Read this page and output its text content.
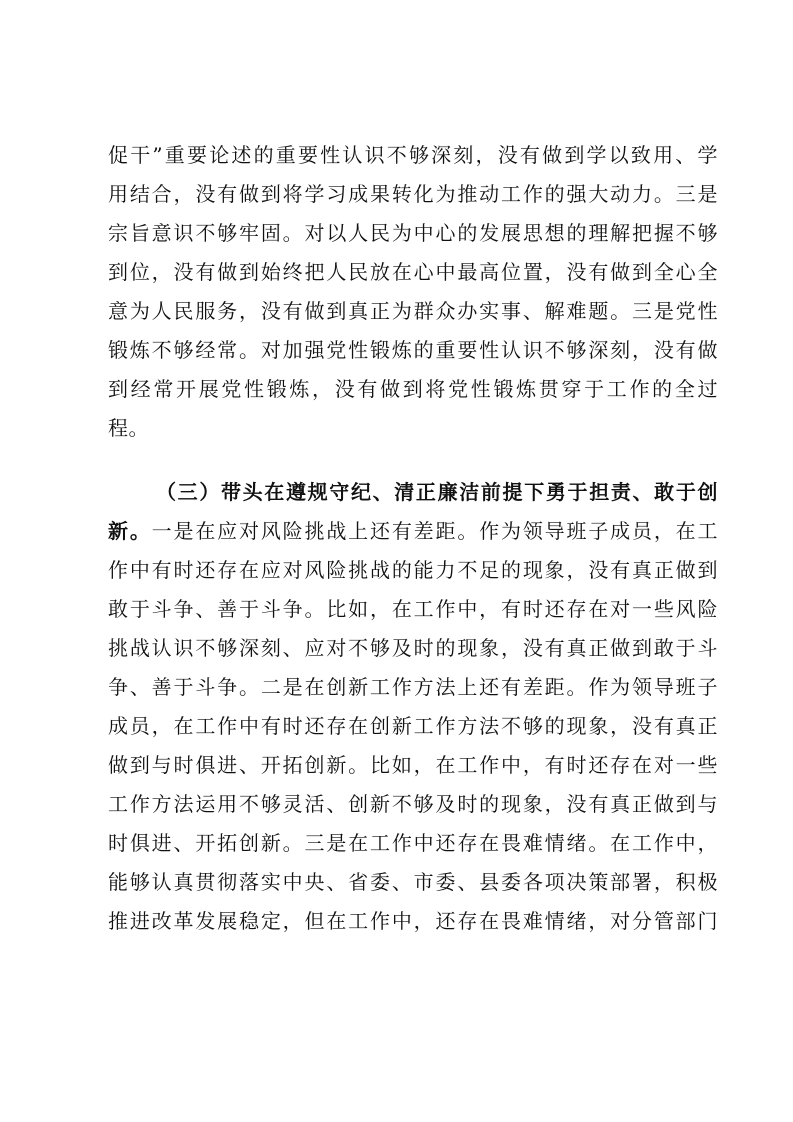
促干”重要论述的重要性认识不够深刻，没有做到学以致用、学
用结合，没有做到将学习成果转化为推动工作的强大动力。三是
宗旨意识不够牢固。对以人民为中心的发展思想的理解把握不够
到位，没有做到始终把人民放在心中最高位置，没有做到全心全
意为人民服务，没有做到真正为群众办实事、解难题。三是党性
锻炼不够经常。对加强党性锻炼的重要性认识不够深刻，没有做
到经常开展党性锻炼，没有做到将党性锻炼贯穿于工作的全过
程。
（三）带头在遵规守纪、清正廉洁前提下勇于担责、敢于创
新。一是在应对风险挑战上还有差距。作为领导班子成员，在工
作中有时还存在应对风险挑战的能力不足的现象，没有真正做到
敢于斗争、善于斗争。比如，在工作中，有时还存在对一些风险
挑战认识不够深刻、应对不够及时的现象，没有真正做到敢于斗
争、善于斗争。二是在创新工作方法上还有差距。作为领导班子
成员，在工作中有时还存在创新工作方法不够的现象，没有真正
做到与时俱进、开拓创新。比如，在工作中，有时还存在对一些
工作方法运用不够灵活、创新不够及时的现象，没有真正做到与
时俱进、开拓创新。三是在工作中还存在畏难情绪。在工作中，
能够认真贯彻落实中央、省委、市委、县委各项决策部署，积极
推进改革发展稳定，但在工作中，还存在畏难情绪，对分管部门
